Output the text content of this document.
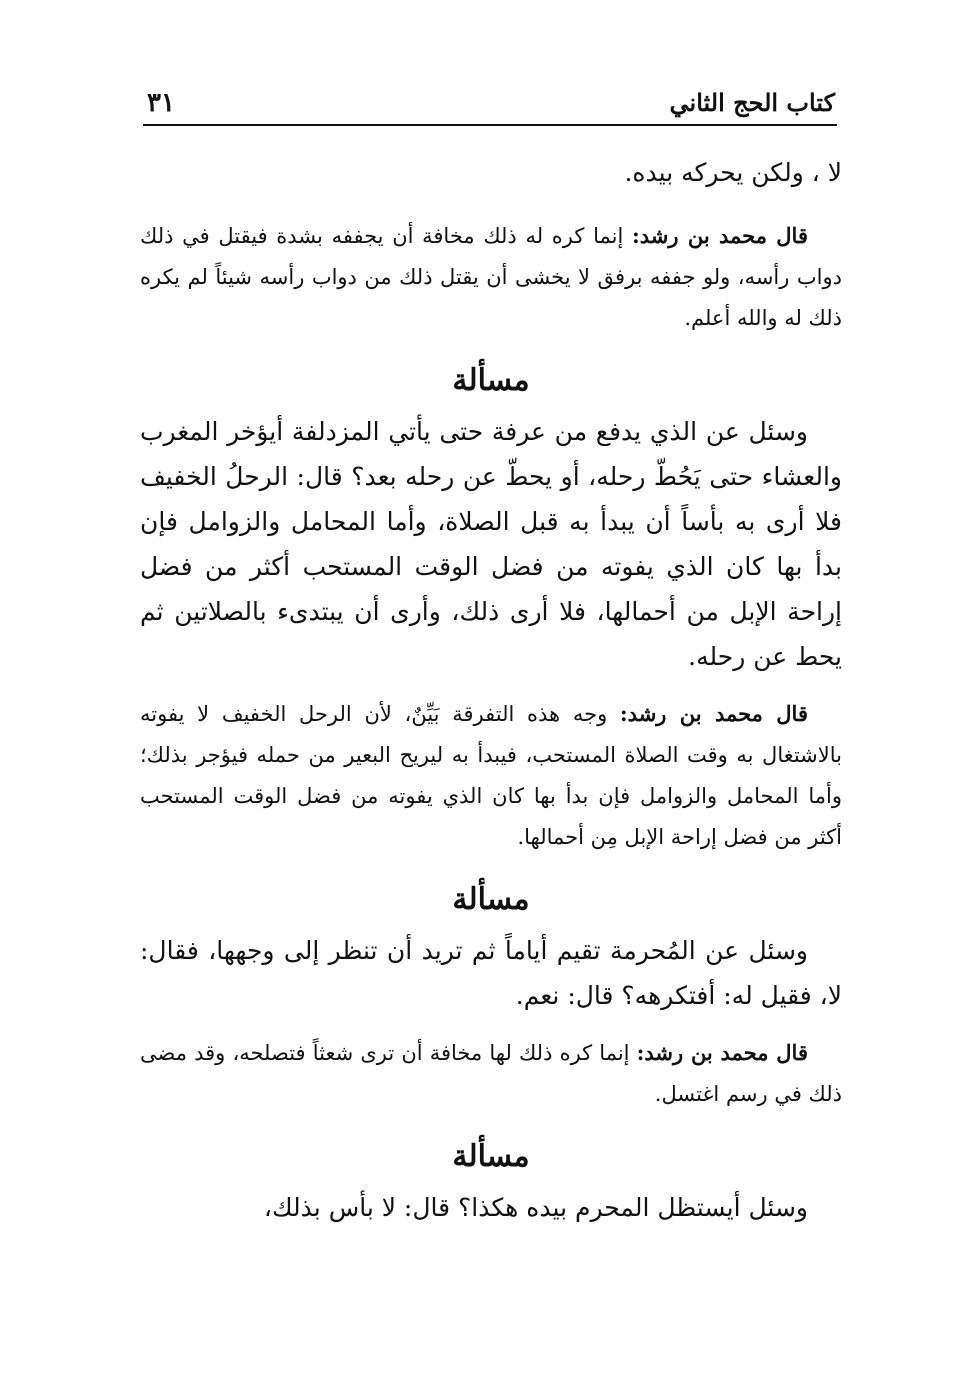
٣١	كتاب الحج الثاني

لا ، ولكن يحركه بيده.

قال محمد بن رشد: إنما كره له ذلك مخافة أن يجففه بشدة فيقتل في ذلك دواب رأسه، ولو جففه برفق لا يخشى أن يقتل ذلك من دواب رأسه شيئاً لم يكره ذلك له والله أعلم.

مسألة

وسئل عن الذي يدفع من عرفة حتى يأتي المزدلفة أيؤخر المغرب والعشاء حتى يَحُطّ رحله، أو يحطّ عن رحله بعد؟ قال: الرحلُ الخفيف فلا أرى به بأساً أن يبدأ به قبل الصلاة، وأما المحامل والزوامل فإن بدأ بها كان الذي يفوته من فضل الوقت المستحب أكثر من فضل إراحة الإبل من أحمالها، فلا أرى ذلك، وأرى أن يبتدىء بالصلاتين ثم يحط عن رحله.

قال محمد بن رشد: وجه هذه التفرقة بَيِّنٌ، لأن الرحل الخفيف لا يفوته بالاشتغال به وقت الصلاة المستحب، فيبدأ به ليريح البعير من حمله فيؤجر بذلك؛ وأما المحامل والزوامل فإن بدأ بها كان الذي يفوته من فضل الوقت المستحب أكثر من فضل إراحة الإبل مِن أحمالها.

مسألة

وسئل عن المُحرمة تقيم أياماً ثم تريد أن تنظر إلى وجهها، فقال: لا، فقيل له: أفتكرهه؟ قال: نعم.

قال محمد بن رشد: إنما كره ذلك لها مخافة أن ترى شعثاً فتصلحه، وقد مضى ذلك في رسم اغتسل.

مسألة

وسئل أيستظل المحرم بيده هكذا؟ قال: لا بأس بذلك،
